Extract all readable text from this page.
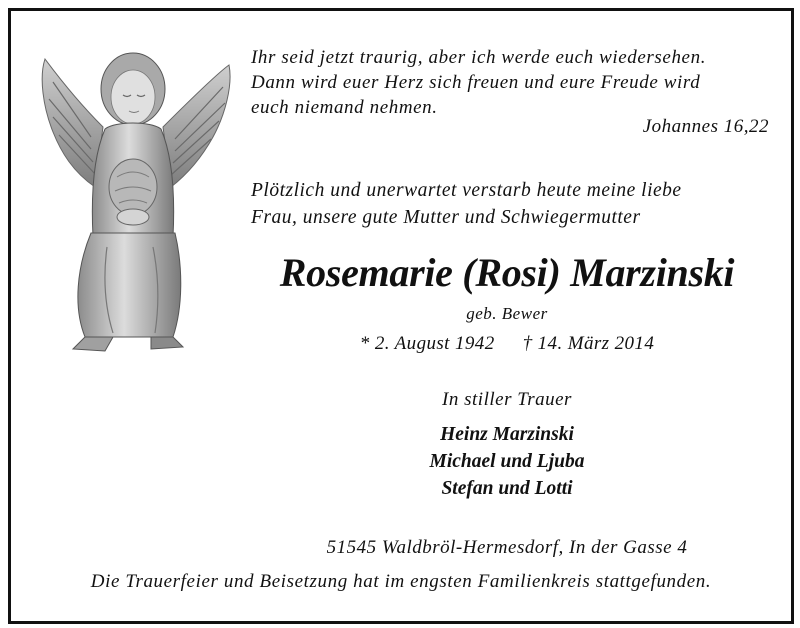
Ihr seid jetzt traurig, aber ich werde euch wiedersehen.
Dann wird euer Herz sich freuen und eure Freude wird
euch niemand nehmen.
Johannes 16,22
Plötzlich und unerwartet verstarb heute meine liebe
Frau, unsere gute Mutter und Schwiegermutter
Rosemarie (Rosi) Marzinski
geb. Bewer
* 2. August 1942 † 14. März 2014
In stiller Trauer
Heinz Marzinski
Michael und Ljuba
Stefan und Lotti
51545 Waldbröl-Hermesdorf, In der Gasse 4
Die Trauerfeier und Beisetzung hat im engsten Familienkreis stattgefunden.
